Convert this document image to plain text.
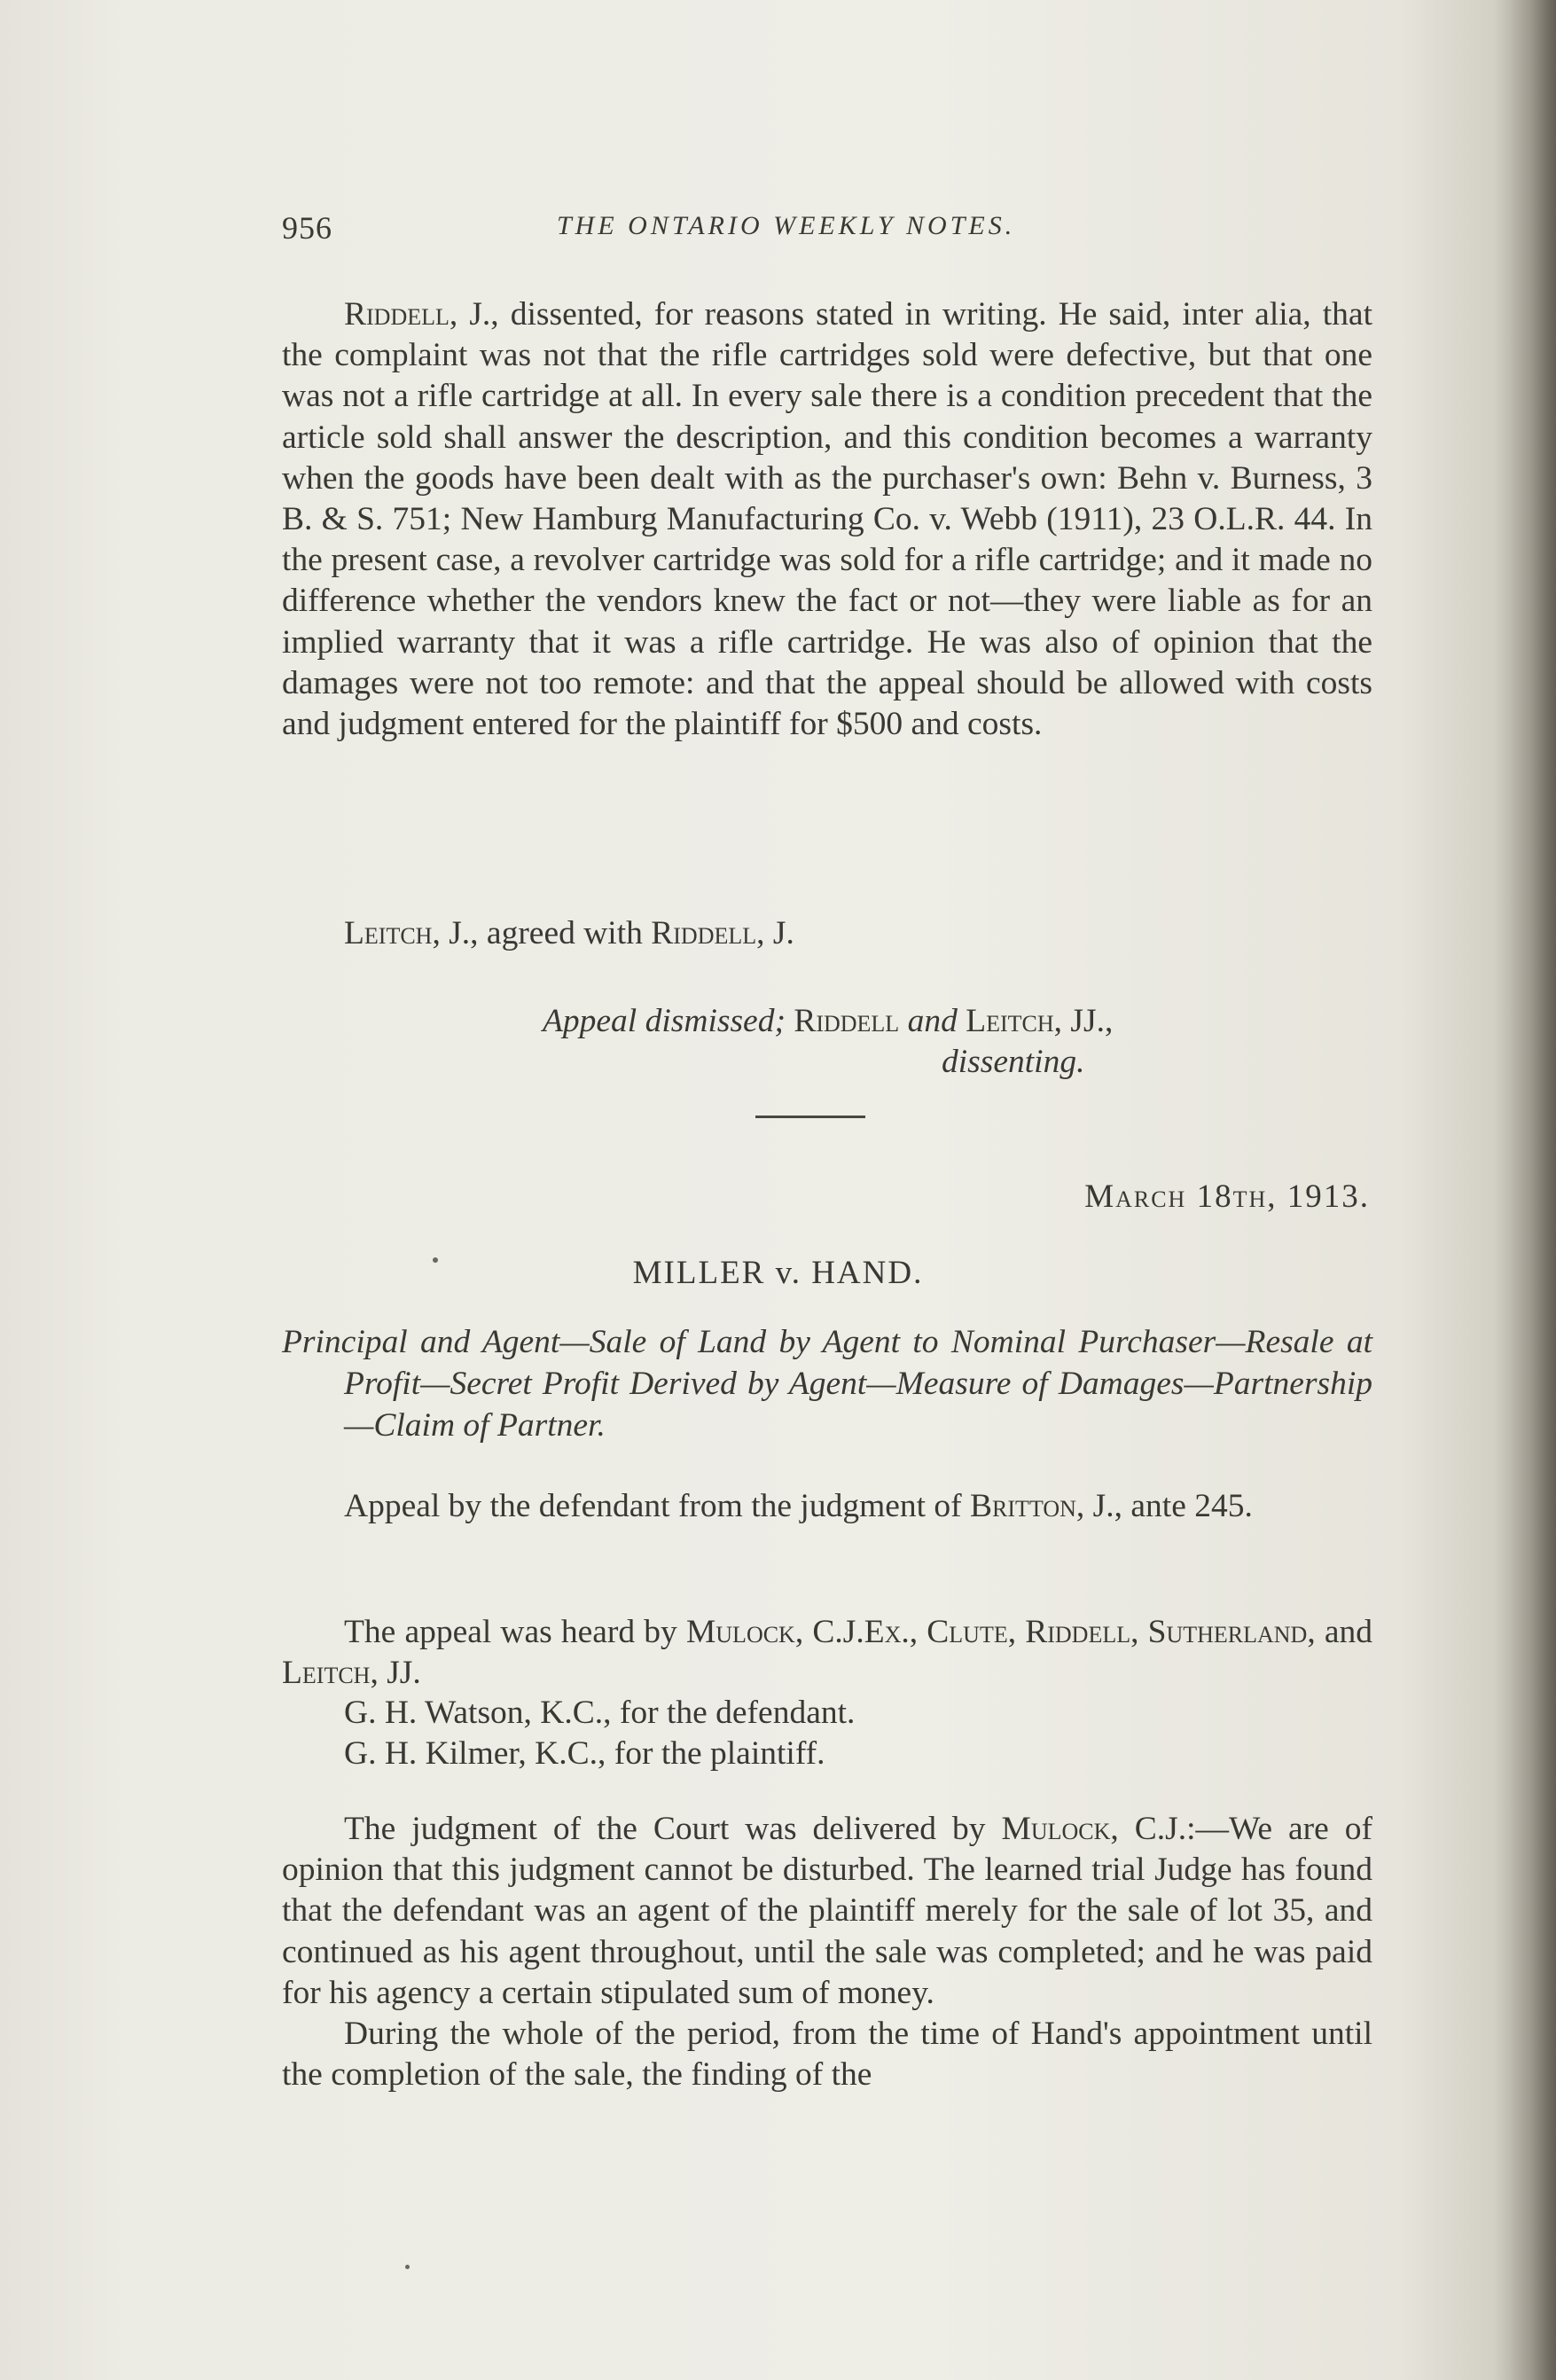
956	THE ONTARIO WEEKLY NOTES.

Riddell, J., dissented, for reasons stated in writing. He said, inter alia, that the complaint was not that the rifle cartridges sold were defective, but that one was not a rifle cartridge at all. In every sale there is a condition precedent that the article sold shall answer the description, and this condition becomes a warranty when the goods have been dealt with as the purchaser's own: Behn v. Burness, 3 B. & S. 751; New Hamburg Manufacturing Co. v. Webb (1911), 23 O.L.R. 44. In the present case, a revolver cartridge was sold for a rifle cartridge; and it made no difference whether the vendors knew the fact or not—they were liable as for an implied warranty that it was a rifle cartridge. He was also of opinion that the damages were not too remote: and that the appeal should be allowed with costs and judgment entered for the plaintiff for $500 and costs.

Leitch, J., agreed with Riddell, J.

Appeal dismissed; Riddell and Leitch, JJ.,
dissenting.
March 18th, 1913.
MILLER v. HAND.
Principal and Agent—Sale of Land by Agent to Nominal Purchaser—Resale at Profit—Secret Profit Derived by Agent—Measure of Damages—Partnership—Claim of Partner.

Appeal by the defendant from the judgment of Britton, J., ante 245.

The appeal was heard by Mulock, C.J.Ex., Clute, Riddell, Sutherland, and Leitch, JJ.

G. H. Watson, K.C., for the defendant.
G. H. Kilmer, K.C., for the plaintiff.

The judgment of the Court was delivered by Mulock, C.J.:—We are of opinion that this judgment cannot be disturbed. The learned trial Judge has found that the defendant was an agent of the plaintiff merely for the sale of lot 35, and continued as his agent throughout, until the sale was completed; and he was paid for his agency a certain stipulated sum of money.

During the whole of the period, from the time of Hand's appointment until the completion of the sale, the finding of the
